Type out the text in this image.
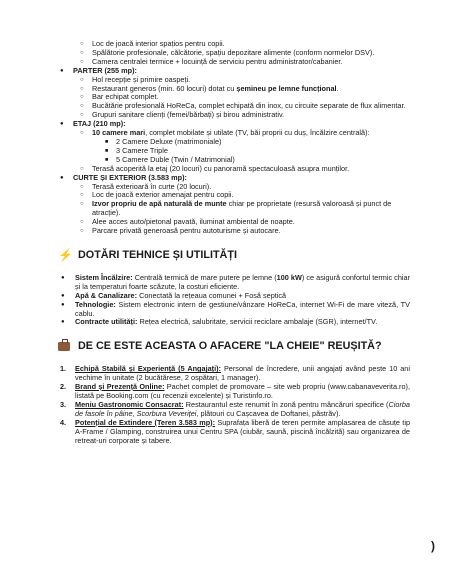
○ Loc de joacă interior spațios pentru copii.
○ Spălătorie profesionale, călcătorie, spațiu depozitare alimente (conform normelor DSV).
○ Camera centralei termice + locuință de serviciu pentru administrator/cabanier.
● PARTER (255 mp):
○ Hol recepție și primire oaspeți.
○ Restaurant generos (min. 60 locuri) dotat cu șemineu pe lemne funcțional.
○ Bar echipat complet.
○ Bucătărie profesională HoReCa, complet echipată din inox, cu circuite separate de flux alimentar.
○ Grupuri sanitare clienți (femei/bărbați) și birou administrativ.
● ETAJ (210 mp):
○ 10 camere mari, complet mobilate și utilate (TV, băi proprii cu duș, încălzire centrală):
■ 2 Camere Deluxe (matrimoniale)
■ 3 Camere Triple
■ 5 Camere Duble (Twin / Matrimonial)
○ Terasă acoperită la etaj (20 locuri) cu panoramă spectaculoasă asupra munților.
● CURTE ȘI EXTERIOR (3.583 mp):
○ Terasă exterioară în curte (20 locuri).
○ Loc de joacă exterior amenajat pentru copii.
○ Izvor propriu de apă naturală de munte chiar pe proprietate (resursă valoroasă și punct de atracție).
○ Alee acces auto/pietonal pavată, iluminat ambiental de noapte.
○ Parcare privată generoasă pentru autoturisme și autocare.
⚡ DOTĂRI TEHNICE ȘI UTILITĂȚI
● Sistem Încălzire: Centrală termică de mare putere pe lemne (100 kW) ce asigură confortul termic chiar și la temperaturi foarte scăzute, la costuri eficiente.
● Apă & Canalizare: Conectată la rețeaua comunei + Fosă septică
● Tehnologie: Sistem electronic intern de gestiune/vânzare HoReCa, internet Wi-Fi de mare viteză, TV cablu.
● Contracte utilități: Rețea electrică, salubritate, servicii reciclare ambalaje (SGR), internet/TV.
DE CE ESTE ACEASTA O AFACERE "LA CHEIE" REUȘITĂ?
1. Echipă Stabilă și Experiență (5 Angajați): Personal de încredere, unii angajați având peste 10 ani vechime în unitate (2 bucătărese, 2 ospătari, 1 manager).
2. Brand și Prezență Online: Pachet complet de promovare – site web propriu (www.cabanaveverita.ro), listată pe Booking.com (cu recenzii excelente) și Turistinfo.ro.
3. Meniu Gastronomic Consacrat: Restaurantul este renumit în zonă pentru mâncăruri specifice (Ciorba de fasole în pâine, Scorbura Veveriței, plătouri cu Cașcavea de Doftanei, păstrăv).
4. Potențial de Extindere (Teren 3.583 mp): Suprafața liberă de teren permite amplasarea de căsuțe tip A-Frame / Glamping, construirea unui Centru SPA (ciubăr, saună, piscină încălzită) sau organizarea de retreat-uri corporate și tabere.
)
